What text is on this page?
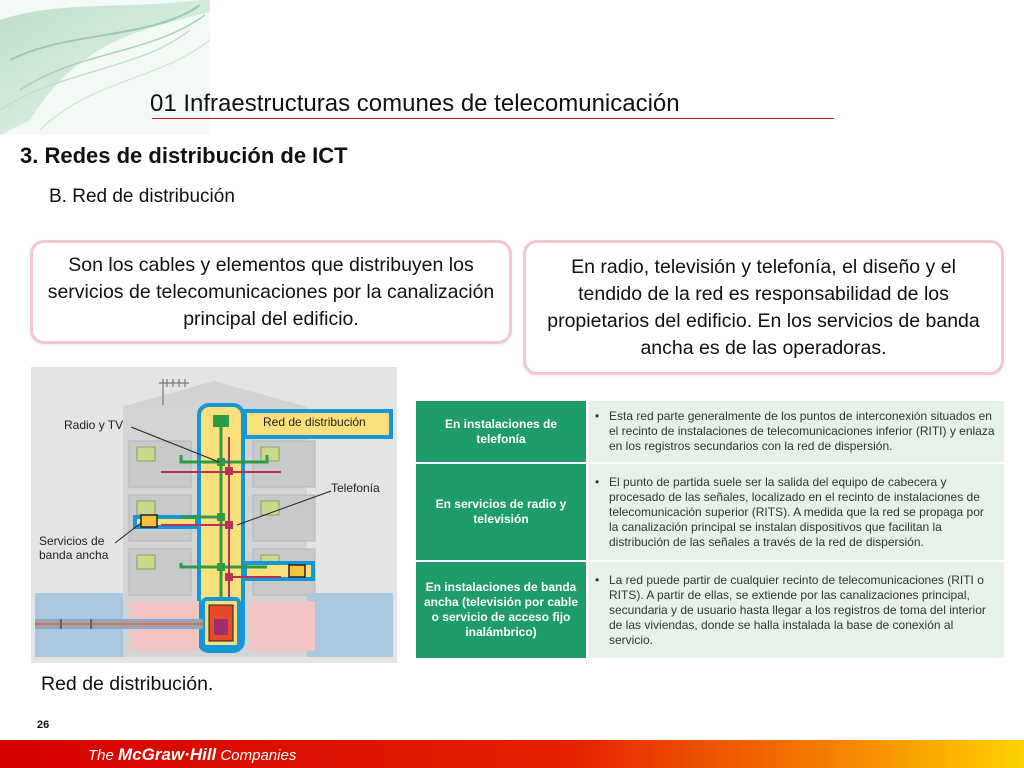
01 Infraestructuras comunes de telecomunicación
3. Redes de distribución de ICT
B. Red de distribución
Son los cables y elementos que distribuyen los servicios de telecomunicaciones por la canalización principal del edificio.
En radio, televisión y telefonía, el diseño y el tendido de la red es responsabilidad de los propietarios del edificio. En los servicios de banda ancha es de las operadoras.
Radio y TV	Red de distribución
Telefonía
Servicios de
banda ancha
Red de distribución.
En instalaciones de telefonía	• Esta red parte generalmente de los puntos de interconexión situados en el recinto de instalaciones de telecomunicaciones inferior (RITI) y enlaza en los registros secundarios con la red de dispersión.

En servicios de radio y televisión	• El punto de partida suele ser la salida del equipo de cabecera y procesado de las señales, localizado en el recinto de instalaciones de telecomunicación superior (RITS). A medida que la red se propaga por la canalización principal se instalan dispositivos que facilitan la distribución de las señales a través de la red de dispersión.

En instalaciones de banda ancha (televisión por cable o servicio de acceso fijo inalámbrico)	• La red puede partir de cualquier recinto de telecomunicaciones (RITI o RITS). A partir de ellas, se extiende por las canalizaciones principal, secundaria y de usuario hasta llegar a los registros de toma del interior de las viviendas, donde se halla instalada la base de conexión al servicio.
26
The McGraw·Hill Companies
